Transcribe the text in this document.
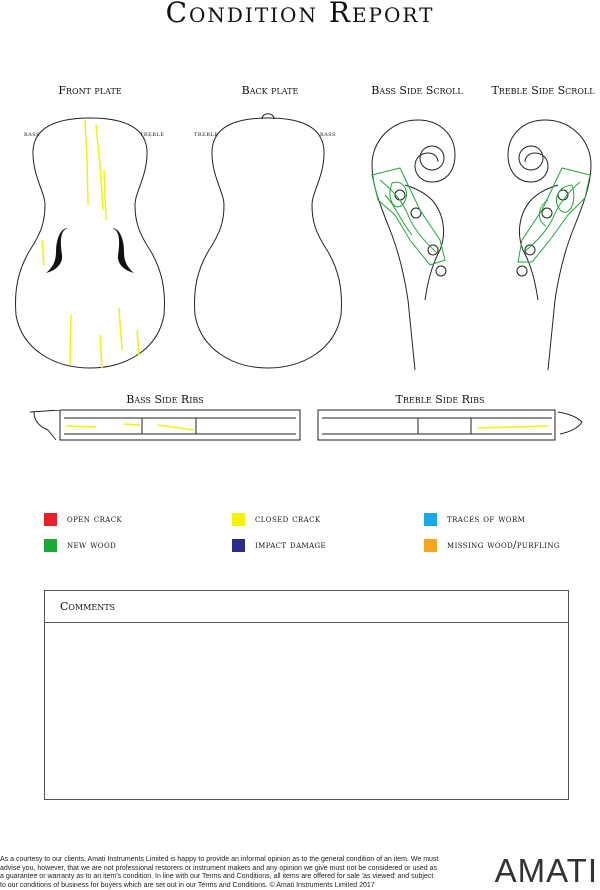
Condition Report
Front plate	Back plate	Bass Side Scroll	Treble Side Scroll
bass	treble	treble	bass
Bass Side Ribs	Treble Side Ribs
open crack	closed crack	traces of worm
new wood	impact damage	missing wood/purfling
Comments
As a courtesy to our clients, Amati Instruments Limited is happy to provide an informal opinion as to the general condition of an item. We must advise you, however, that we are not professional restorers or instrument makers and any opinion we give must not be considered or used as a guarantee or warranty as to an item's condition. In line with our Terms and Conditions, all items are offered for sale 'as viewed' and subject to our conditions of business for buyers which are set out in our Terms and Conditions. © Amati Instruments Limited 2017	AMATI
